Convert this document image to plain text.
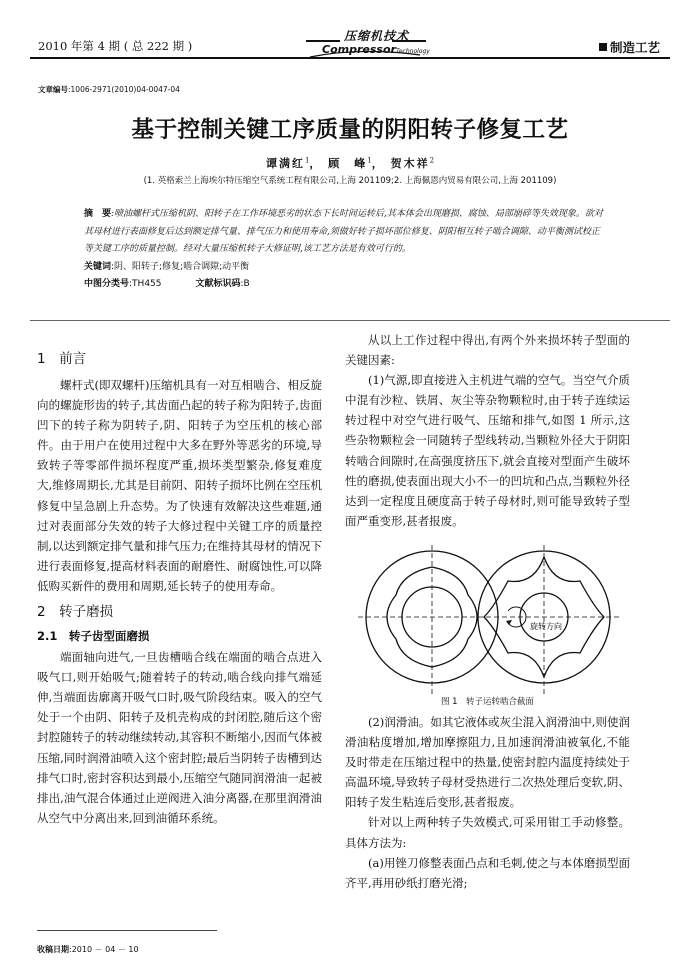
2010 年第 4 期 ( 总 222 期 )
压缩机技术
CompressorTechnology	制造工艺
文章编号:1006-2971(2010)04-0047-04
基于控制关键工序质量的阴阳转子修复工艺
谭满红$^1$， 顾　峰$^1$， 贺木祥$^2$
(1. 英格索兰上海埃尔特压缩空气系统工程有限公司,上海 201109;2. 上海佩恩内贸易有限公司,上海 201109)
摘　要:喷油螺杆式压缩机阴、阳转子在工作环境恶劣的状态下长时间运转后,其本体会出现磨损、腐蚀、局部崩碎等失效现象。欲对其母材进行表面修复后达到额定排气量、排气压力和使用寿命,须做好转子损坏部位修复、阴阳相互转子啮合调隙、动平衡测试校正等关键工序的质量控制。经对大量压缩机转子大修证明,该工艺方法是有效可行的。
关键词:阴、阳转子;修复;啮合调隙;动平衡
中图分类号:TH455	文献标识码:B
1　 前言

螺杆式(即双螺杆)压缩机具有一对互相啮合、相反旋向的螺旋形齿的转子,其齿面凸起的转子称为阳转子,齿面凹下的转子称为阴转子,阴、阳转子为空压机的核心部件。由于用户在使用过程中大多在野外等恶劣的环境,导致转子等零部件损坏程度严重,损坏类型繁杂,修复难度大,维修周期长,尤其是目前阴、阳转子损坏比例在空压机修复中呈急剧上升态势。为了快速有效解决这些难题,通过对表面部分失效的转子大修过程中关键工序的质量控制,以达到额定排气量和排气压力;在维持其母材的情况下进行表面修复,提高材料表面的耐磨性、耐腐蚀性,可以降低购买新件的费用和周期,延长转子的使用寿命。

2　 转子磨损
2.1　 转子齿型面磨损

端面轴向进气,一旦齿槽啮合线在端面的啮合点进入吸气口,则开始吸气;随着转子的转动,啮合线向排气端延伸,当端面齿廓离开吸气口时,吸气阶段结束。吸入的空气处于一个由阴、阳转子及机壳构成的封闭腔,随后这个密封腔随转子的转动继续转动,其容积不断缩小,因而气体被压缩,同时润滑油喷入这个密封腔;最后当阴转子齿槽到达排气口时,密封容积达到最小,压缩空气随同润滑油一起被排出,油气混合体通过止逆阀进入油分离器,在那里润滑油从空气中分离出来,回到油循环系统。

从以上工作过程中得出,有两个外来损坏转子型面的关键因素:

(1)气源,即直接进入主机进气端的空气。当空气介质中混有沙粒、铁屑、灰尘等杂物颗粒时,由于转子连续运转过程中对空气进行吸气、压缩和排气,如图 1 所示,这些杂物颗粒会一同随转子型线转动,当颗粒外径大于阴阳转啮合间隙时,在高强度挤压下,就会直接对型面产生破坏性的磨损,使表面出现大小不一的凹坑和凸点,当颗粒外径达到一定程度且硬度高于转子母材时,则可能导致转子型面严重变形,甚者报废。

旋转方向
图 1　转子运转啮合截面

(2)润滑油。如其它液体或灰尘混入润滑油中,则使润滑油粘度增加,增加摩擦阻力,且加速润滑油被氧化,不能及时带走在压缩过程中的热量,使密封腔内温度持续处于高温环境,导致转子母材受热进行二次热处理后变软,阴、阳转子发生粘连后变形,甚者报废。

针对以上两种转子失效模式,可采用钳工手动修整。具体方法为:

(a)用锉刀修整表面凸点和毛刺,使之与本体磨损型面齐平,再用砂纸打磨光滑;

收稿日期:2010 － 04 － 10
